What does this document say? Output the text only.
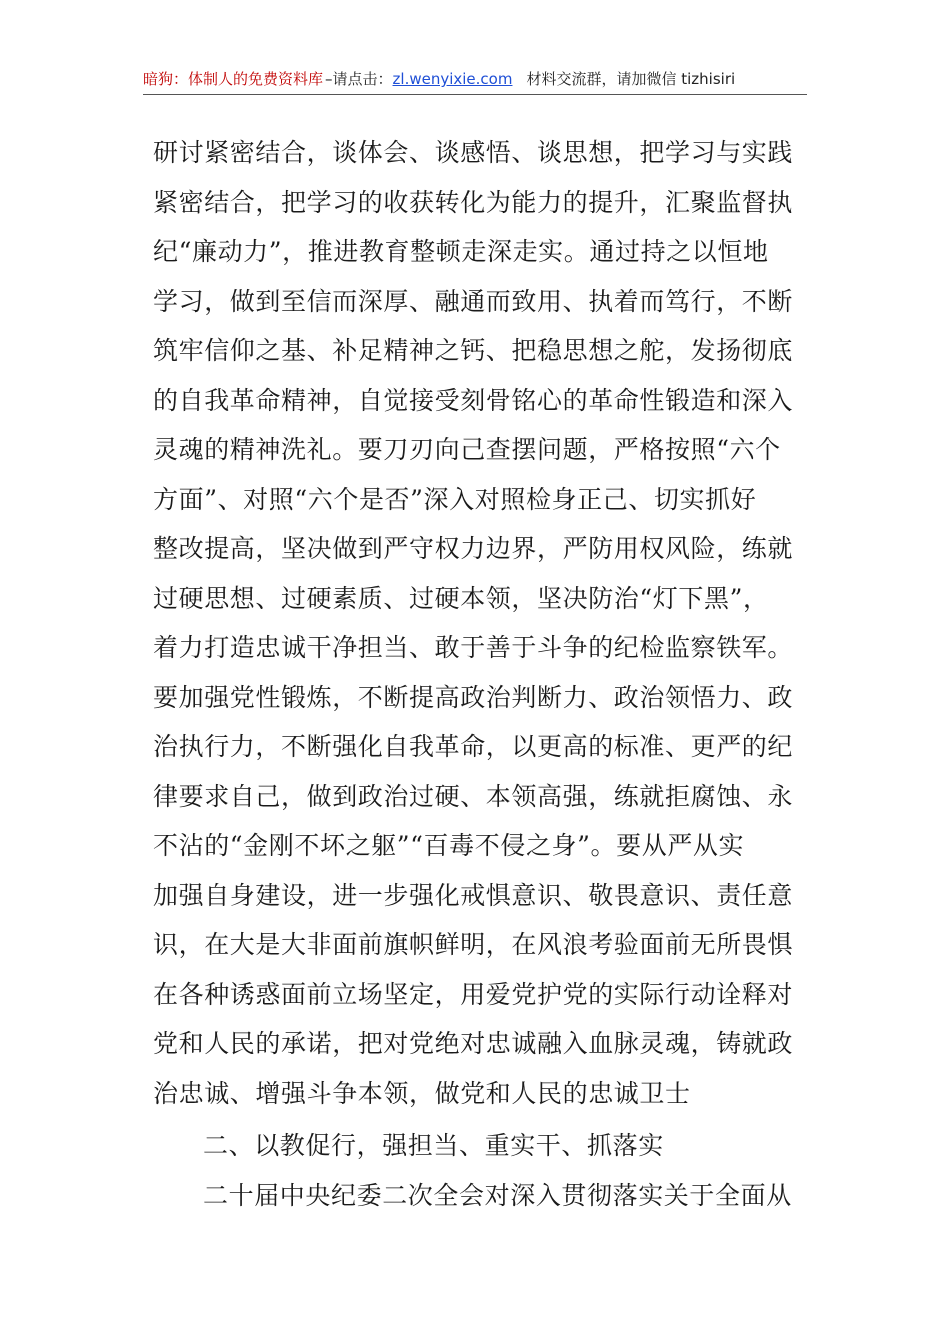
暗狗：体制人的免费资料库 –请点击：zl.wenyixie.com 材料交流群，请加微信 tizhisiri
研讨紧密结合，谈体会、谈感悟、谈思想，把学习与实践
紧密结合，把学习的收获转化为能力的提升，汇聚监督执
纪“廉动力”，推进教育整顿走深走实。通过持之以恒地
学习，做到至信而深厚、融通而致用、执着而笃行，不断
筑牢信仰之基、补足精神之钙、把稳思想之舵，发扬彻底
的自我革命精神，自觉接受刻骨铭心的革命性锻造和深入
灵魂的精神洗礼。要刀刃向己查摆问题，严格按照“六个
方面”、对照“六个是否”深入对照检身正己、切实抓好
整改提高，坚决做到严守权力边界，严防用权风险，练就
过硬思想、过硬素质、过硬本领，坚决防治“灯下黑”，
着力打造忠诚干净担当、敢于善于斗争的纪检监察铁军。
要加强党性锻炼，不断提高政治判断力、政治领悟力、政
治执行力，不断强化自我革命，以更高的标准、更严的纪
律要求自己，做到政治过硬、本领高强，练就拒腐蚀、永
不沾的“金刚不坏之躯”“百毒不侵之身”。要从严从实
加强自身建设，进一步强化戒惧意识、敬畏意识、责任意
识，在大是大非面前旗帜鲜明，在风浪考验面前无所畏惧
在各种诱惑面前立场坚定，用爱党护党的实际行动诠释对
党和人民的承诺，把对党绝对忠诚融入血脉灵魂，铸就政
治忠诚、增强斗争本领，做党和人民的忠诚卫士
二、以教促行，强担当、重实干、抓落实
二十届中央纪委二次全会对深入贯彻落实关于全面从
